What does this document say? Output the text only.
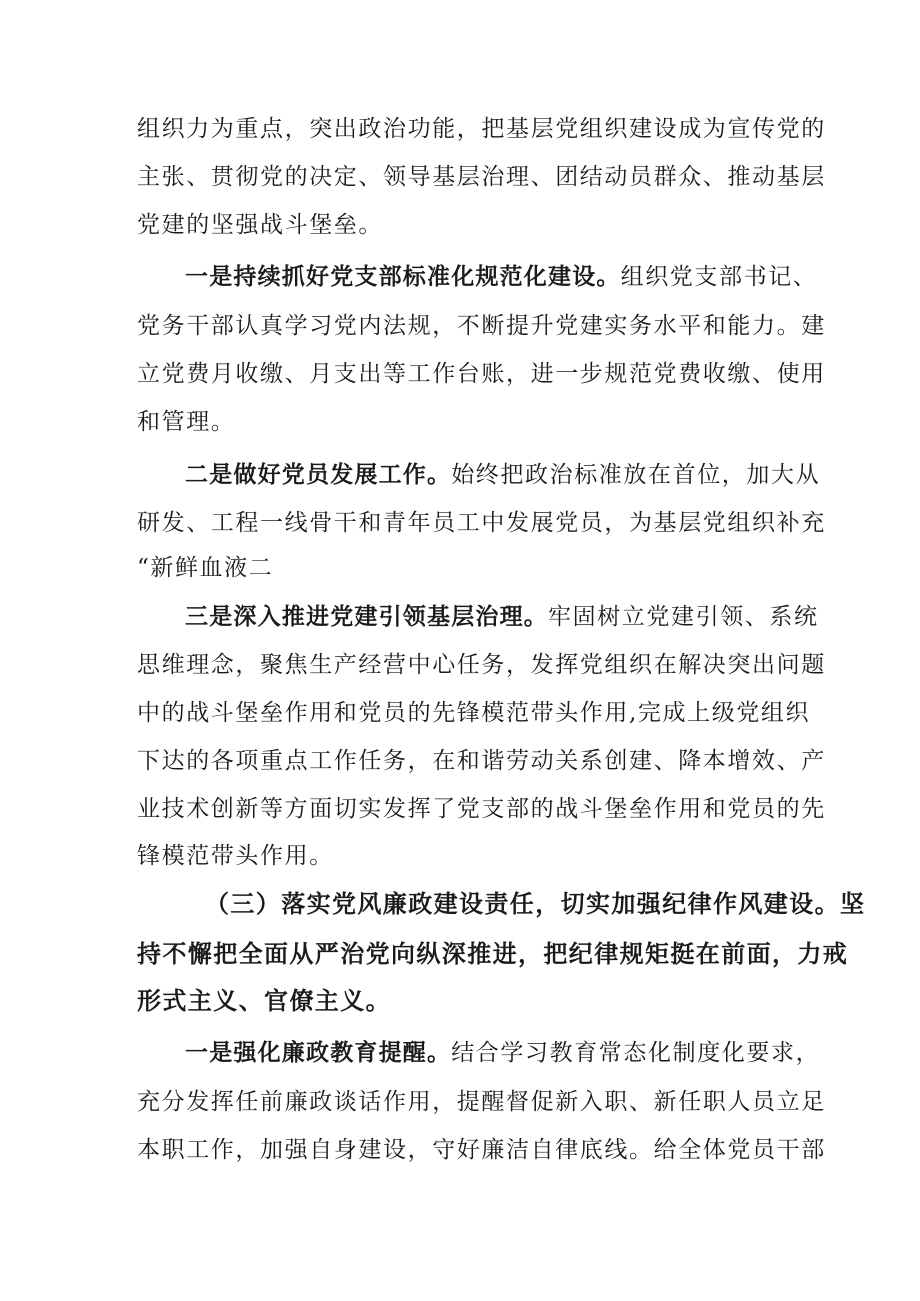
组织力为重点，突出政治功能，把基层党组织建设成为宣传党的
主张、贯彻党的决定、领导基层治理、团结动员群众、推动基层
党建的坚强战斗堡垒。
一是持续抓好党支部标准化规范化建设。组织党支部书记、
党务干部认真学习党内法规，不断提升党建实务水平和能力。建
立党费月收缴、月支出等工作台账，进一步规范党费收缴、使用
和管理。
二是做好党员发展工作。始终把政治标准放在首位，加大从
研发、工程一线骨干和青年员工中发展党员，为基层党组织补充
“新鲜血液二
三是深入推进党建引领基层治理。牢固树立党建引领、系统
思维理念，聚焦生产经营中心任务，发挥党组织在解决突出问题
中的战斗堡垒作用和党员的先锋模范带头作用,完成上级党组织
下达的各项重点工作任务，在和谐劳动关系创建、降本增效、产
业技术创新等方面切实发挥了党支部的战斗堡垒作用和党员的先
锋模范带头作用。
（三）落实党风廉政建设责任，切实加强纪律作风建设。坚
持不懈把全面从严治党向纵深推进，把纪律规矩挺在前面，力戒
形式主义、官僚主义。
一是强化廉政教育提醒。结合学习教育常态化制度化要求，
充分发挥任前廉政谈话作用，提醒督促新入职、新任职人员立足
本职工作，加强自身建设，守好廉洁自律底线。给全体党员干部
